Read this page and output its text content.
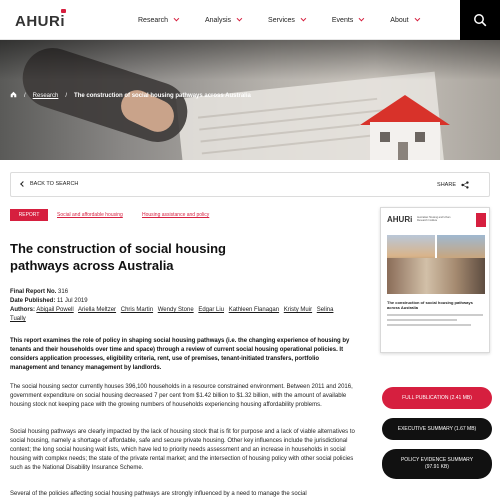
AHURi	Research	Analysis	Services	Events	About
/ Research / The construction of social housing pathways across Australia
BACK TO SEARCH	SHARE
REPORT	Social and affordable housing	Housing assistance and policy
The construction of social housing pathways across Australia
Final Report No. 316
Date Published: 11 Jul 2019
Authors: Abigail Powell Ariella Meltzer Chris Martin Wendy Stone Edgar Liu Kathleen Flanagan Kristy Muir Selina Tually

This report examines the role of policy in shaping social housing pathways (i.e. the changing experience of housing by tenants and their households over time and space) through a review of current social housing operational policies. It considers application processes, eligibility criteria, rent, use of premises, tenant-initiated transfers, portfolio management and tenancy management by landlords.

The social housing sector currently houses 396,100 households in a resource constrained environment. Between 2011 and 2016, government expenditure on social housing decreased 7 per cent from $1.42 billion to $1.32 billion, with the amount of available housing stock not keeping pace with the growing numbers of households experiencing housing affordability problems.

Social housing pathways are clearly impacted by the lack of housing stock that is fit for purpose and a lack of viable alternatives to social housing, namely a shortage of affordable, safe and secure private housing. Other key influences include the jurisdictional context; the long social housing wait lists, which have led to priority needs assessment and an increase in households in social housing with complex needs; the state of the private rental market; and the intersection of housing policy with other social policies such as the National Disability Insurance Scheme.

Several of the policies affecting social housing pathways are strongly influenced by a need to manage the social

AHURi Australian Housing and Urban Research Institute
The construction of social housing pathways across Australia
FULL PUBLICATION (2.41 MB)
EXECUTIVE SUMMARY (1.67 MB)
POLICY EVIDENCE SUMMARY
(97.91 KB)
